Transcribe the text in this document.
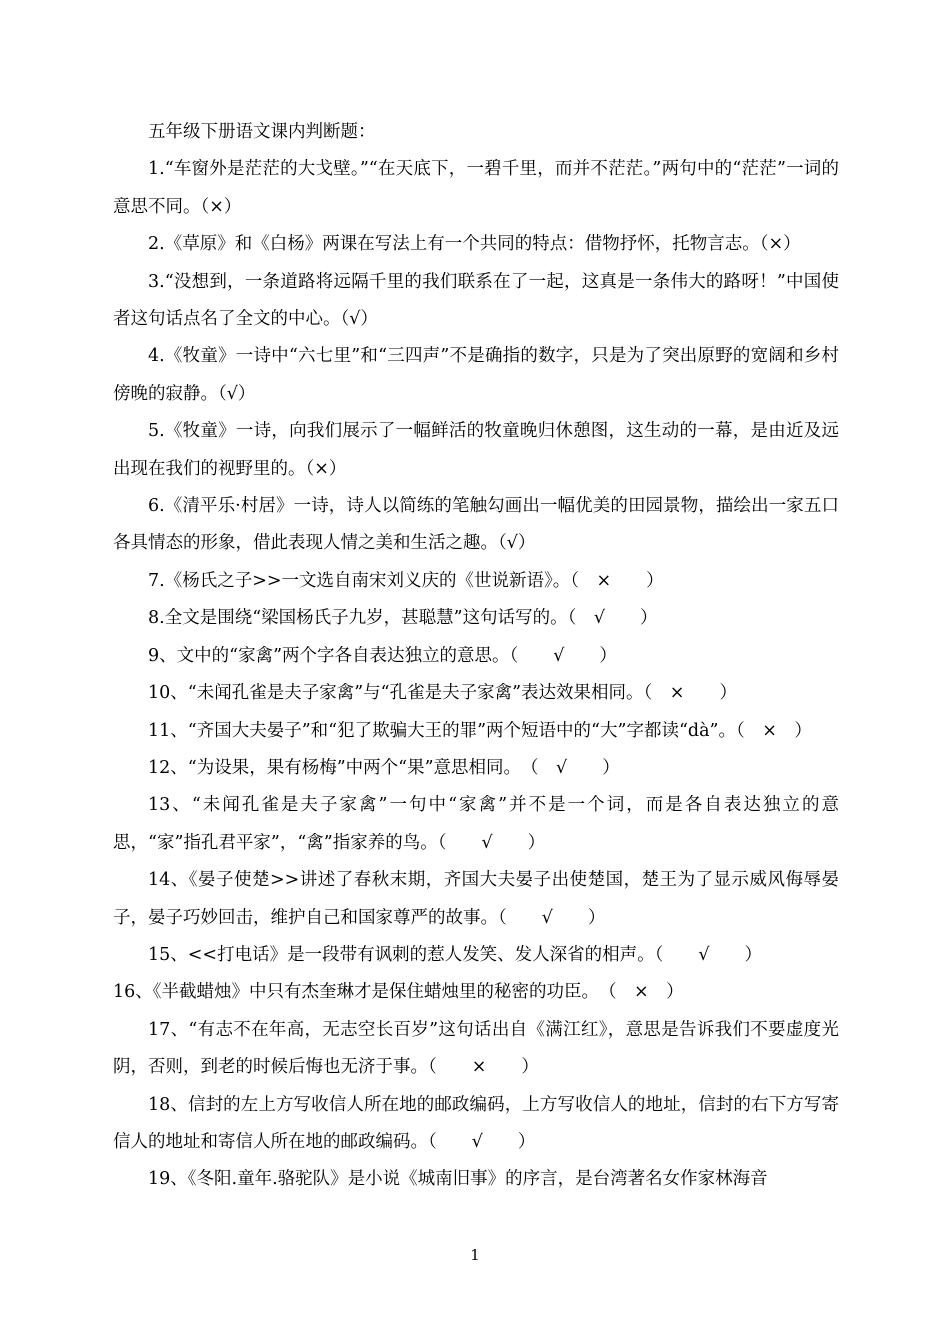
五年级下册语文课内判断题：

1.“车窗外是茫茫的大戈壁。”“在天底下，一碧千里，而并不茫茫。”两句中的“茫茫”一词的意思不同。（×）

2.《草原》和《白杨》两课在写法上有一个共同的特点：借物抒怀，托物言志。（×）

3.“没想到，一条道路将远隔千里的我们联系在了一起，这真是一条伟大的路呀！”中国使者这句话点名了全文的中心。（√）

4.《牧童》一诗中“六七里”和“三四声”不是确指的数字，只是为了突出原野的宽阔和乡村傍晚的寂静。（√）

5.《牧童》一诗，向我们展示了一幅鲜活的牧童晚归休憩图，这生动的一幕，是由近及远出现在我们的视野里的。（×）

6.《清平乐·村居》一诗，诗人以简练的笔触勾画出一幅优美的田园景物，描绘出一家五口各具情态的形象，借此表现人情之美和生活之趣。（√）

7.《杨氏之子>>一文选自南宋刘义庆的《世说新语》。（　×　　）

8.全文是围绕“梁国杨氏子九岁，甚聪慧”这句话写的。（　√　　）

9、文中的“家禽”两个字各自表达独立的意思。（　　√　　）

10、“未闻孔雀是夫子家禽”与“孔雀是夫子家禽”表达效果相同。（　×　　）

11、“齐国大夫晏子”和“犯了欺骗大王的罪”两个短语中的“大”字都读“dà”。（　×　）

12、“为设果，果有杨梅”中两个“果”意思相同。　（　√　　）

13、“未闻孔雀是夫子家禽”一句中“家禽”并不是一个词，而是各自表达独立的意思，“家”指孔君平家”，“禽”指家养的鸟。（　　√　　）

14、《晏子使楚>>讲述了春秋末期，齐国大夫晏子出使楚国，楚王为了显示威风侮辱晏子，晏子巧妙回击，维护自己和国家尊严的故事。（　　√　　）

15、<<打电话》是一段带有讽刺的惹人发笑、发人深省的相声。（　　√　　）

16、《半截蜡烛》中只有杰奎琳才是保住蜡烛里的秘密的功臣。　（　×　）

17、“有志不在年高，无志空长百岁”这句话出自《满江红》，意思是告诉我们不要虚度光阴，否则，到老的时候后悔也无济于事。（　　×　　）

18、信封的左上方写收信人所在地的邮政编码，上方写收信人的地址，信封的右下方写寄信人的地址和寄信人所在地的邮政编码。（　　√　　）

19、《冬阳.童年.骆驼队》是小说《城南旧事》的序言，是台湾著名女作家林海音

1
